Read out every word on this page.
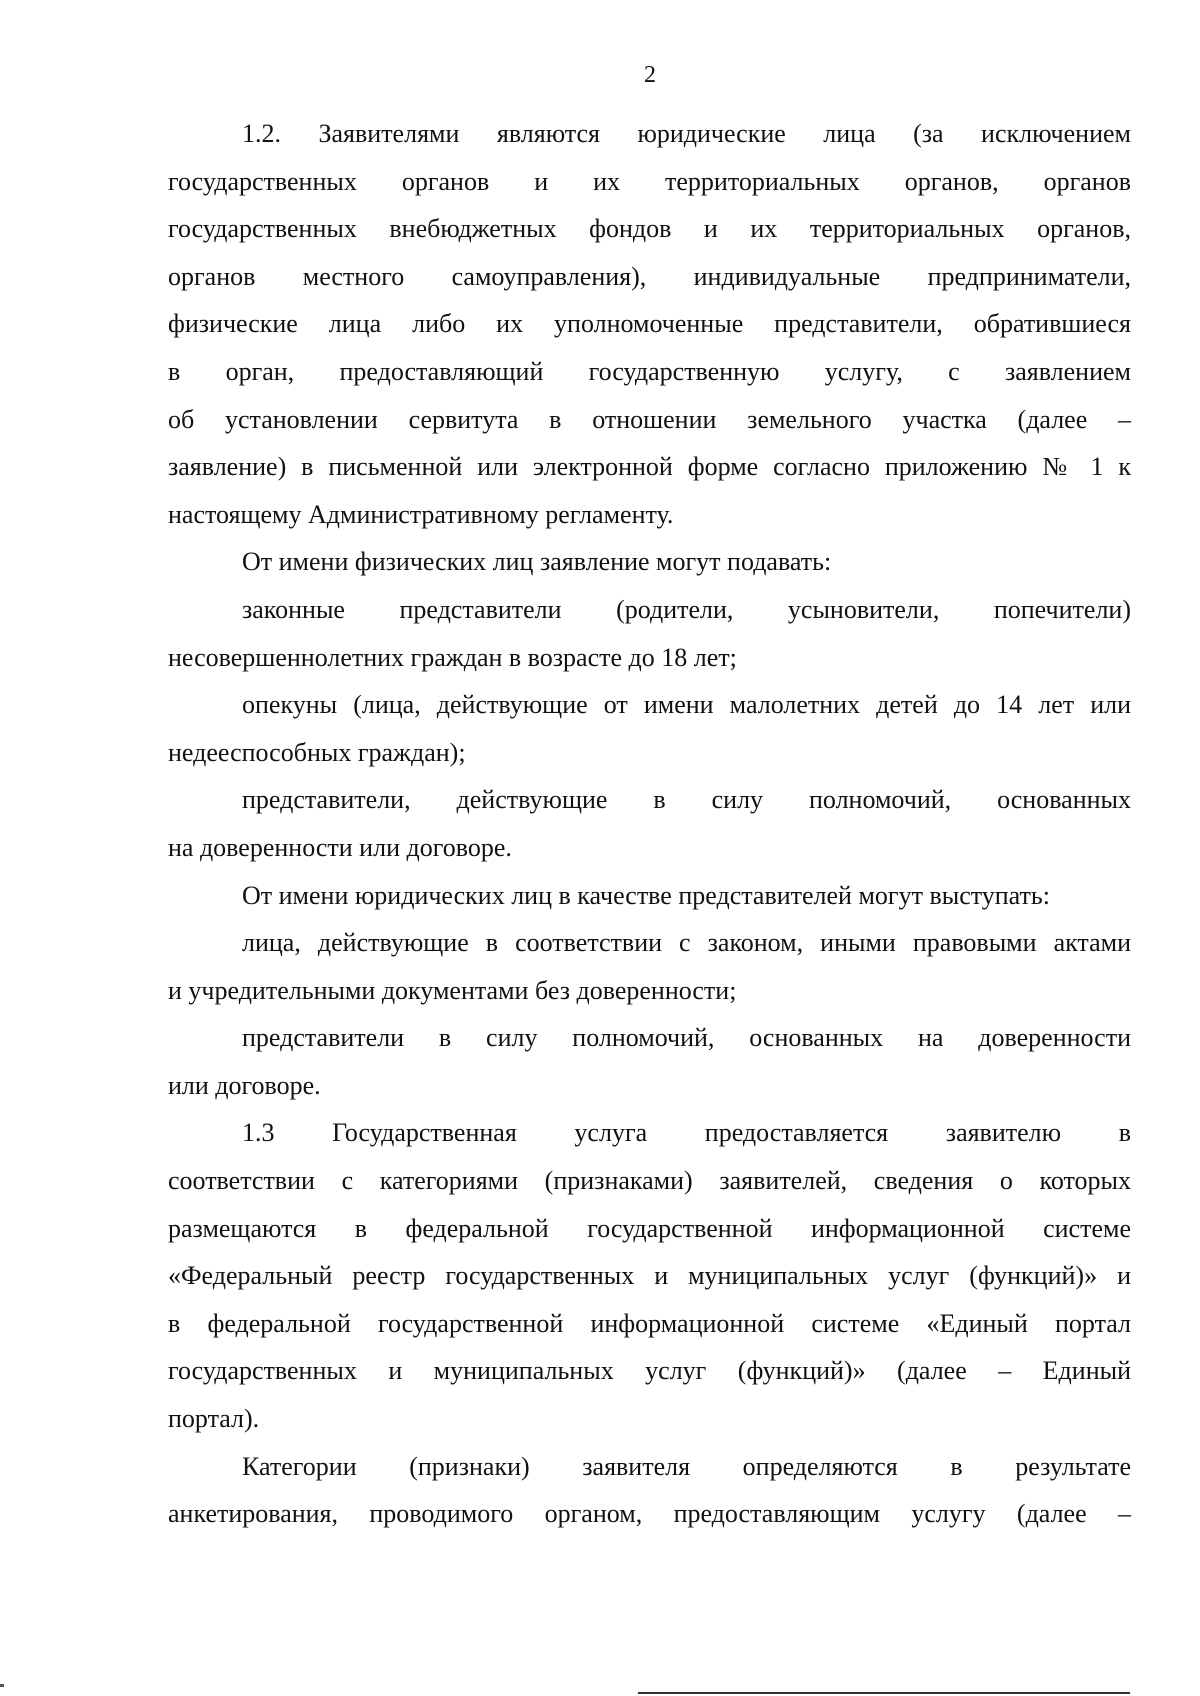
2
1.2. Заявителями являются юридические лица (за исключением
государственных органов и их территориальных органов, органов
государственных внебюджетных фондов и их территориальных органов,
органов местного самоуправления), индивидуальные предприниматели,
физические лица либо их уполномоченные представители, обратившиеся
в орган, предоставляющий государственную услугу, с заявлением
об установлении сервитута в отношении земельного участка (далее –
заявление) в письменной или электронной форме согласно приложению № 1 к
настоящему Административному регламенту.
От имени физических лиц заявление могут подавать:
законные представители (родители, усыновители, попечители)
несовершеннолетних граждан в возрасте до 18 лет;
опекуны (лица, действующие от имени малолетних детей до 14 лет или
недееспособных граждан);
представители, действующие в силу полномочий, основанных
на доверенности или договоре.
От имени юридических лиц в качестве представителей могут выступать:
лица, действующие в соответствии с законом, иными правовыми актами
и учредительными документами без доверенности;
представители в силу полномочий, основанных на доверенности
или договоре.
1.3 Государственная услуга предоставляется заявителю в
соответствии с категориями (признаками) заявителей, сведения о которых
размещаются в федеральной государственной информационной системе
«Федеральный реестр государственных и муниципальных услуг (функций)» и
в федеральной государственной информационной системе «Единый портал
государственных и муниципальных услуг (функций)» (далее – Единый
портал).
Категории (признаки) заявителя определяются в результате
анкетирования, проводимого органом, предоставляющим услугу (далее –
